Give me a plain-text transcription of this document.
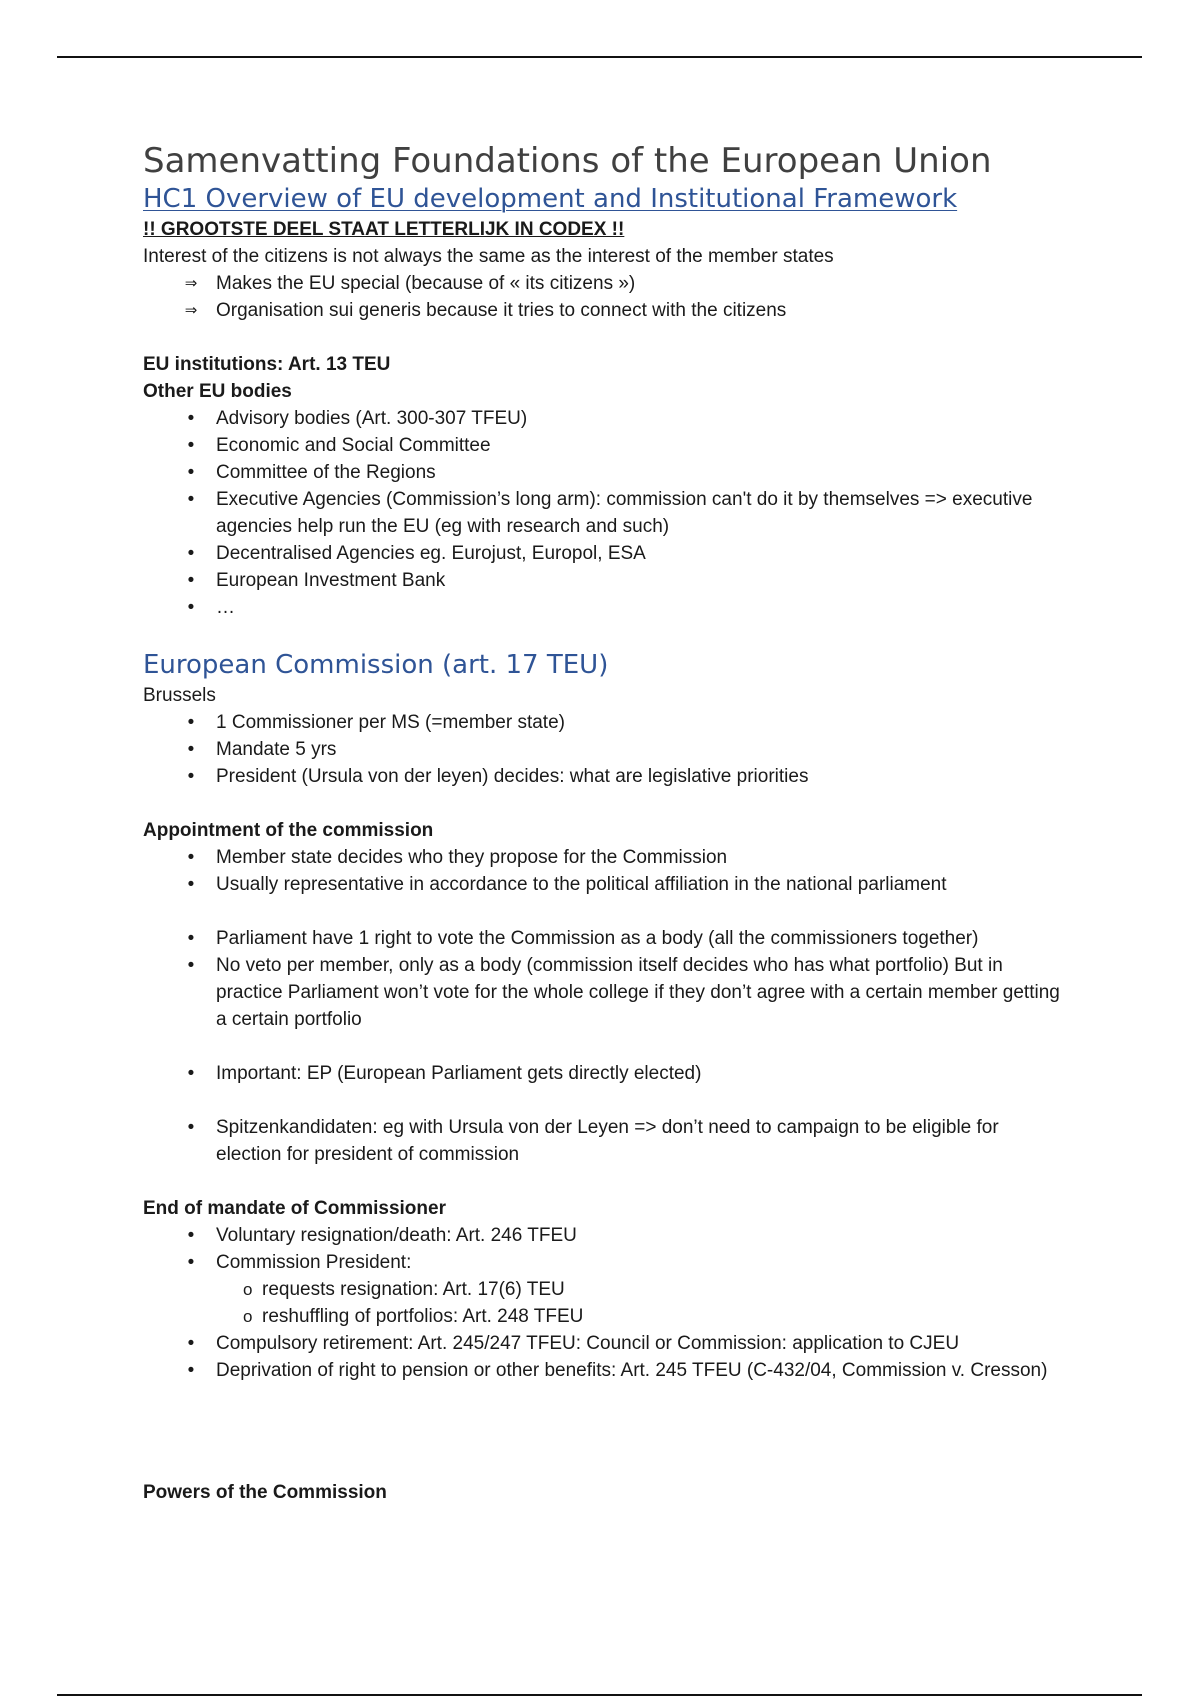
Samenvatting Foundations of the European Union
HC1 Overview of EU development and Institutional Framework

!! GROOTSTE DEEL STAAT LETTERLIJK IN CODEX !!

Interest of the citizens is not always the same as the interest of the member states

⇒ Makes the EU special (because of « its citizens »)
⇒ Organisation sui generis because it tries to connect with the citizens

EU institutions: Art. 13 TEU

Other EU bodies

•	Advisory bodies (Art. 300-307 TFEU)
•	Economic and Social Committee
•	Committee of the Regions
•	Executive Agencies (Commission’s long arm): commission can't do it by themselves => executive agencies help run the EU (eg with research and such)
•	Decentralised Agencies eg. Eurojust, Europol, ESA
•	European Investment Bank
•	…
European Commission (art. 17 TEU)

Brussels

•	1 Commissioner per MS (=member state)
•	Mandate 5 yrs
•	President (Ursula von der leyen) decides: what are legislative priorities

Appointment of the commission

•	Member state decides who they propose for the Commission
•	Usually representative in accordance to the political affiliation in the national parliament
•	Parliament have 1 right to vote the Commission as a body (all the commissioners together)
•	No veto per member, only as a body (commission itself decides who has what portfolio) But in practice Parliament won’t vote for the whole college if they don’t agree with a certain member getting a certain portfolio
•	Important: EP (European Parliament gets directly elected)
•	Spitzenkandidaten: eg with Ursula von der Leyen => don’t need to campaign to be eligible for election for president of commission

End of mandate of Commissioner

•	Voluntary resignation/death: Art. 246 TFEU
•	Commission President:
o requests resignation: Art. 17(6) TEU
o reshuffling of portfolios: Art. 248 TFEU
•	Compulsory retirement: Art. 245/247 TFEU: Council or Commission: application to CJEU
•	Deprivation of right to pension or other benefits: Art. 245 TFEU (C-432/04, Commission v. Cresson)

Powers of the Commission
